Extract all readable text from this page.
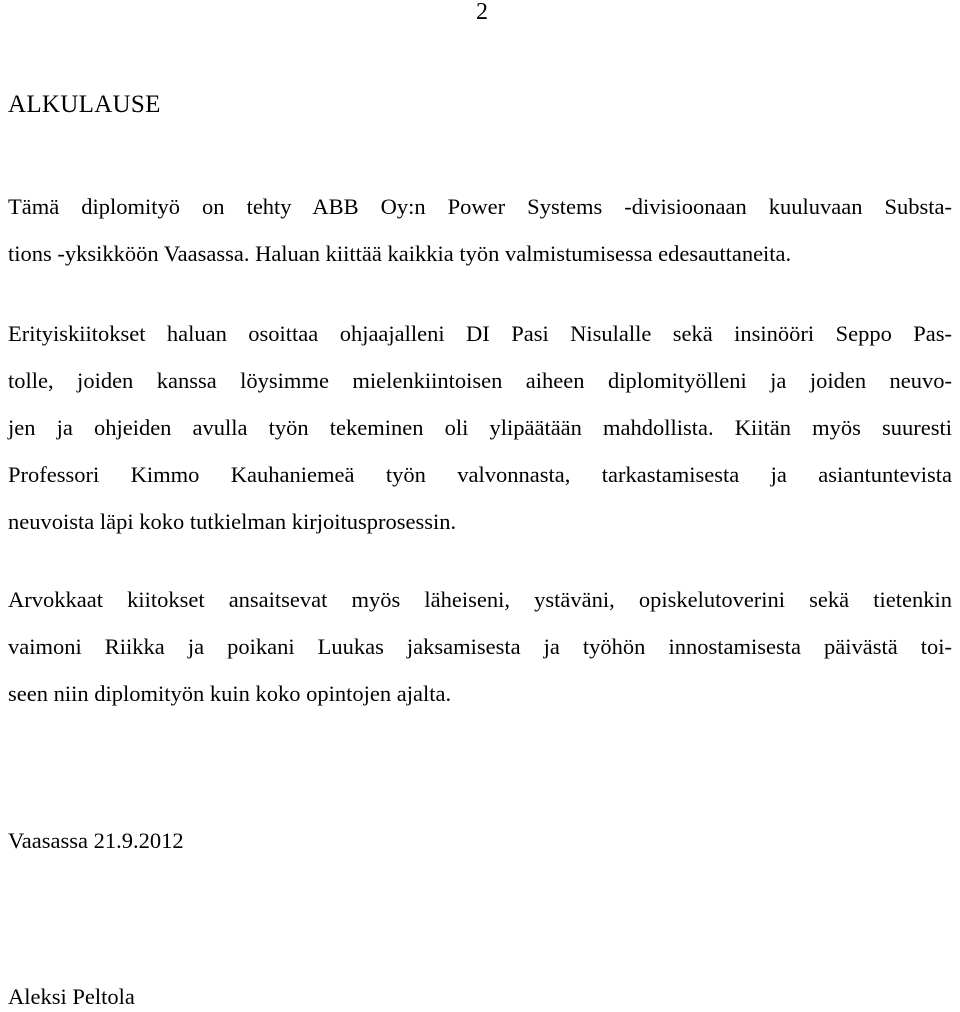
2
ALKULAUSE

Tämä diplomityö on tehty ABB Oy:n Power Systems -divisioonaan kuuluvaan Substa-
tions -yksikköön Vaasassa. Haluan kiittää kaikkia työn valmistumisessa edesauttaneita.

Erityiskiitokset haluan osoittaa ohjaajalleni DI Pasi Nisulalle sekä insinööri Seppo Pas-
tolle, joiden kanssa löysimme mielenkiintoisen aiheen diplomityölleni ja joiden neuvo-
jen ja ohjeiden avulla työn tekeminen oli ylipäätään mahdollista. Kiitän myös suuresti
Professori Kimmo Kauhaniemeä työn valvonnasta, tarkastamisesta ja asiantuntevista
neuvoista läpi koko tutkielman kirjoitusprosessin.

Arvokkaat kiitokset ansaitsevat myös läheiseni, ystäväni, opiskelutoverini sekä tietenkin
vaimoni Riikka ja poikani Luukas jaksamisesta ja työhön innostamisesta päivästä toi-
seen niin diplomityön kuin koko opintojen ajalta.

Vaasassa 21.9.2012
Aleksi Peltola
